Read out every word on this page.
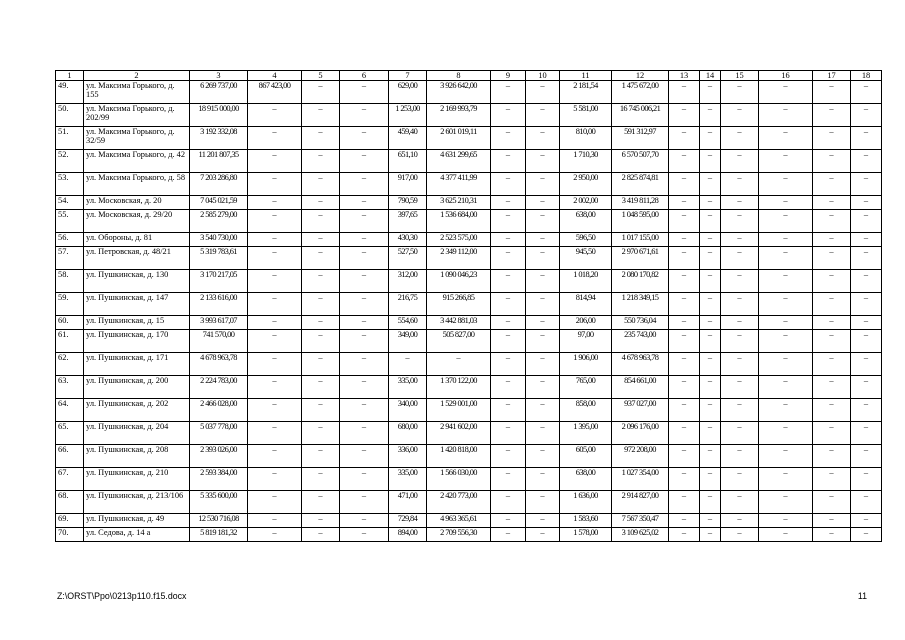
1	2	3	4	5	6	7	8	9	10	11	12	13	14	15	16	17	18
49.	ул. Максима Горького, д. 155	6 269 737,00	867 423,00	–	–	629,00	3 926 642,00	–	–	2 181,54	1 475 672,00	–	–	–	–	–	–
50.	ул. Максима Горького, д. 202/99	18 915 000,00	–	–	–	1 253,00	2 169 993,79	–	–	5 581,00	16 745 006,21	–	–	–	–	–	–
51.	ул. Максима Горького, д. 32/59	3 192 332,08	–	–	–	459,40	2 601 019,11	–	–	810,00	591 312,97	–	–	–	–	–	–
52.	ул. Максима Горького, д. 42	11 201 807,35	–	–	–	651,10	4 631 299,65	–	–	1 710,30	6 570 507,70	–	–	–	–	–	–
53.	ул. Максима Горького, д. 58	7 203 286,80	–	–	–	917,00	4 377 411,99	–	–	2 950,00	2 825 874,81	–	–	–	–	–	–
54.	ул. Московская, д. 20	7 045 021,59	–	–	–	790,59	3 625 210,31	–	–	2 002,00	3 419 811,28	–	–	–	–	–	–
55.	ул. Московская, д. 29/20	2 585 279,00	–	–	–	397,65	1 536 684,00	–	–	638,00	1 048 595,00	–	–	–	–	–	–
56.	ул. Обороны, д. 81	3 540 730,00	–	–	–	430,30	2 523 575,00	–	–	596,50	1 017 155,00	–	–	–	–	–	–
57.	ул. Петровская, д. 48/21	5 319 783,61	–	–	–	527,50	2 349 112,00	–	–	945,50	2 970 671,61	–	–	–	–	–	–
58.	ул. Пушкинская, д. 130	3 170 217,05	–	–	–	312,00	1 090 046,23	–	–	1 018,20	2 080 170,82	–	–	–	–	–	–
59.	ул. Пушкинская, д. 147	2 133 616,00	–	–	–	216,75	915 266,85	–	–	814,94	1 218 349,15	–	–	–	–	–	–
60.	ул. Пушкинская, д. 15	3 993 617,07	–	–	–	554,60	3 442 881,03	–	–	206,00	550 736,04	–	–	–	–	–	–
61.	ул. Пушкинская, д. 170	741 570,00	–	–	–	349,00	505 827,00	–	–	97,00	235 743,00	–	–	–	–	–	–
62.	ул. Пушкинская, д. 171	4 678 963,78	–	–	–	–	–	–	–	1 906,00	4 678 963,78	–	–	–	–	–	–
63.	ул. Пушкинская, д. 200	2 224 783,00	–	–	–	335,00	1 370 122,00	–	–	765,00	854 661,00	–	–	–	–	–	–
64.	ул. Пушкинская, д. 202	2 466 028,00	–	–	–	340,00	1 529 001,00	–	–	858,00	937 027,00	–	–	–	–	–	–
65.	ул. Пушкинская, д. 204	5 037 778,00	–	–	–	680,00	2 941 602,00	–	–	1 395,00	2 096 176,00	–	–	–	–	–	–
66.	ул. Пушкинская, д. 208	2 393 026,00	–	–	–	336,00	1 420 818,00	–	–	605,00	972 208,00	–	–	–	–	–	–
67.	ул. Пушкинская, д. 210	2 593 384,00	–	–	–	335,00	1 566 030,00	–	–	638,00	1 027 354,00	–	–	–	–	–	–
68.	ул. Пушкинская, д. 213/106	5 335 600,00	–	–	–	471,00	2 420 773,00	–	–	1 636,00	2 914 827,00	–	–	–	–	–	–
69.	ул. Пушкинская, д. 49	12 530 716,08	–	–	–	729,84	4 963 365,61	–	–	1 583,60	7 567 350,47	–	–	–	–	–	–
70.	ул. Седова, д. 14 а	5 819 181,32	–	–	–	894,00	2 709 556,30	–	–	1 578,00	3 109 625,02	–	–	–	–	–	–
Z:\ORST\Ppo\0213p110.f15.docx	11
